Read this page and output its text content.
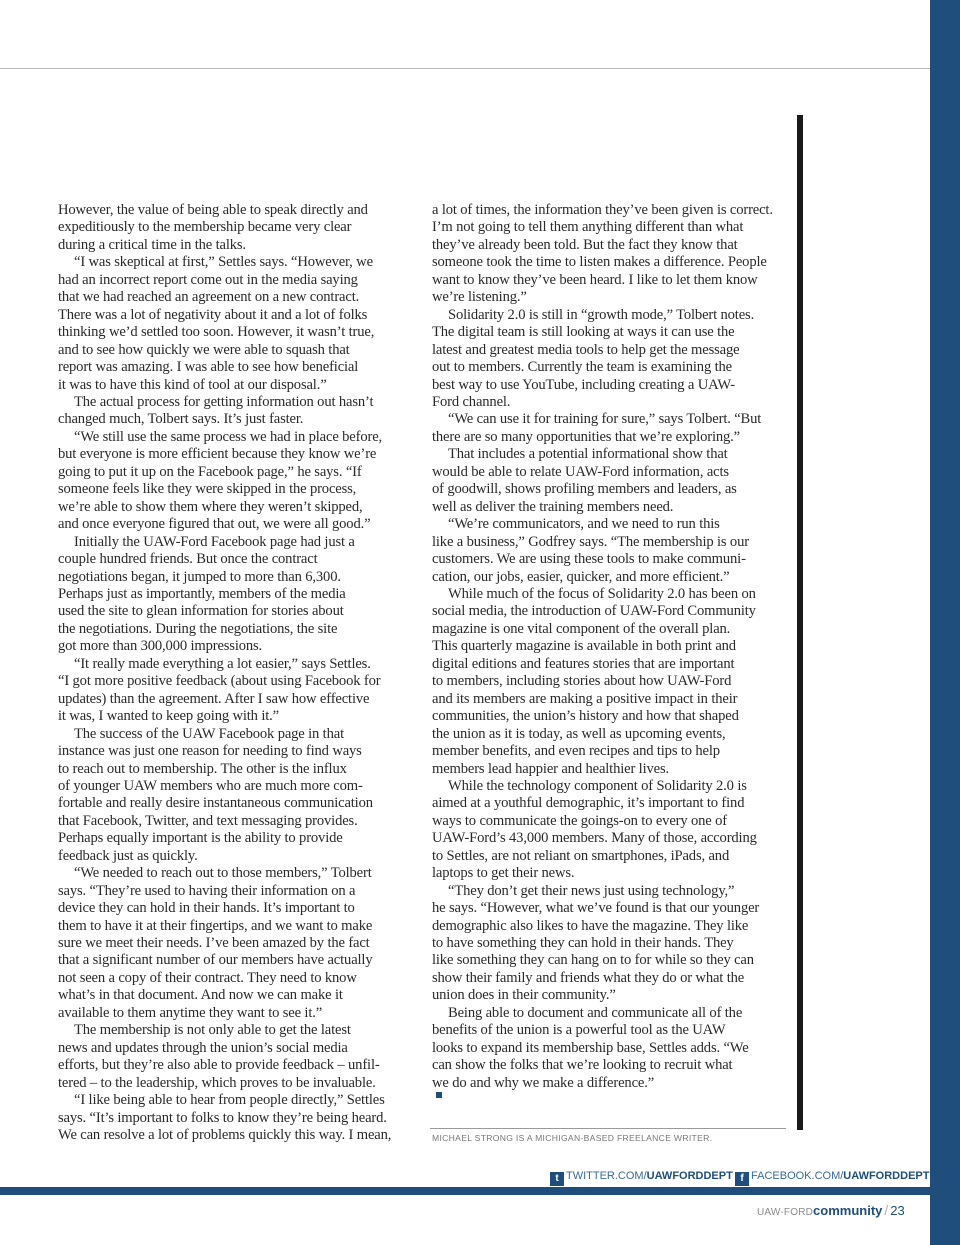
However, the value of being able to speak directly and
expeditiously to the membership became very clear
during a critical time in the talks.

“I was skeptical at first,” Settles says. “However, we
had an incorrect report come out in the media saying
that we had reached an agreement on a new contract.
There was a lot of negativity about it and a lot of folks
thinking we’d settled too soon. However, it wasn’t true,
and to see how quickly we were able to squash that
report was amazing. I was able to see how beneficial
it was to have this kind of tool at our disposal.”

The actual process for getting information out hasn’t
changed much, Tolbert says. It’s just faster.

“We still use the same process we had in place before,
but everyone is more efficient because they know we’re
going to put it up on the Facebook page,” he says. “If
someone feels like they were skipped in the process,
we’re able to show them where they weren’t skipped,
and once everyone figured that out, we were all good.”

Initially the UAW-Ford Facebook page had just a
couple hundred friends. But once the contract
negotiations began, it jumped to more than 6,300.
Perhaps just as importantly, members of the media
used the site to glean information for stories about
the negotiations. During the negotiations, the site
got more than 300,000 impressions.

“It really made everything a lot easier,” says Settles.
“I got more positive feedback (about using Facebook for
updates) than the agreement. After I saw how effective
it was, I wanted to keep going with it.”

The success of the UAW Facebook page in that
instance was just one reason for needing to find ways
to reach out to membership. The other is the influx
of younger UAW members who are much more com-
fortable and really desire instantaneous communication
that Facebook, Twitter, and text messaging provides.
Perhaps equally important is the ability to provide
feedback just as quickly.

“We needed to reach out to those members,” Tolbert
says. “They’re used to having their information on a
device they can hold in their hands. It’s important to
them to have it at their fingertips, and we want to make
sure we meet their needs. I’ve been amazed by the fact
that a significant number of our members have actually
not seen a copy of their contract. They need to know
what’s in that document. And now we can make it
available to them anytime they want to see it.”

The membership is not only able to get the latest
news and updates through the union’s social media
efforts, but they’re also able to provide feedback – unfil-
tered – to the leadership, which proves to be invaluable.

“I like being able to hear from people directly,” Settles
says. “It’s important to folks to know they’re being heard.
We can resolve a lot of problems quickly this way. I mean,

a lot of times, the information they’ve been given is correct.
I’m not going to tell them anything different than what
they’ve already been told. But the fact they know that
someone took the time to listen makes a difference. People
want to know they’ve been heard. I like to let them know
we’re listening.”

Solidarity 2.0 is still in “growth mode,” Tolbert notes.
The digital team is still looking at ways it can use the
latest and greatest media tools to help get the message
out to members. Currently the team is examining the
best way to use YouTube, including creating a UAW-
Ford channel.

“We can use it for training for sure,” says Tolbert. “But
there are so many opportunities that we’re exploring.”

That includes a potential informational show that
would be able to relate UAW-Ford information, acts
of goodwill, shows profiling members and leaders, as
well as deliver the training members need.

“We’re communicators, and we need to run this
like a business,” Godfrey says. “The membership is our
customers. We are using these tools to make communi-
cation, our jobs, easier, quicker, and more efficient.”

While much of the focus of Solidarity 2.0 has been on
social media, the introduction of UAW-Ford Community
magazine is one vital component of the overall plan.
This quarterly magazine is available in both print and
digital editions and features stories that are important
to members, including stories about how UAW-Ford
and its members are making a positive impact in their
communities, the union’s history and how that shaped
the union as it is today, as well as upcoming events,
member benefits, and even recipes and tips to help
members lead happier and healthier lives.

While the technology component of Solidarity 2.0 is
aimed at a youthful demographic, it’s important to find
ways to communicate the goings-on to every one of
UAW-Ford’s 43,000 members. Many of those, according
to Settles, are not reliant on smartphones, iPads, and
laptops to get their news.

“They don’t get their news just using technology,”
he says. “However, what we’ve found is that our younger
demographic also likes to have the magazine. They like
to have something they can hold in their hands. They
like something they can hang on to for while so they can
show their family and friends what they do or what the
union does in their community.”

Being able to document and communicate all of the
benefits of the union is a powerful tool as the UAW
looks to expand its membership base, Settles adds. “We
can show the folks that we’re looking to recruit what
we do and why we make a difference.”

MICHAEL STRONG IS A MICHIGAN-BASED FREELANCE WRITER.
t TWITTER.COM/UAWFORDDEPT f FACEBOOK.COM/UAWFORDDEPT
UAW-FORDcommunity / 23
